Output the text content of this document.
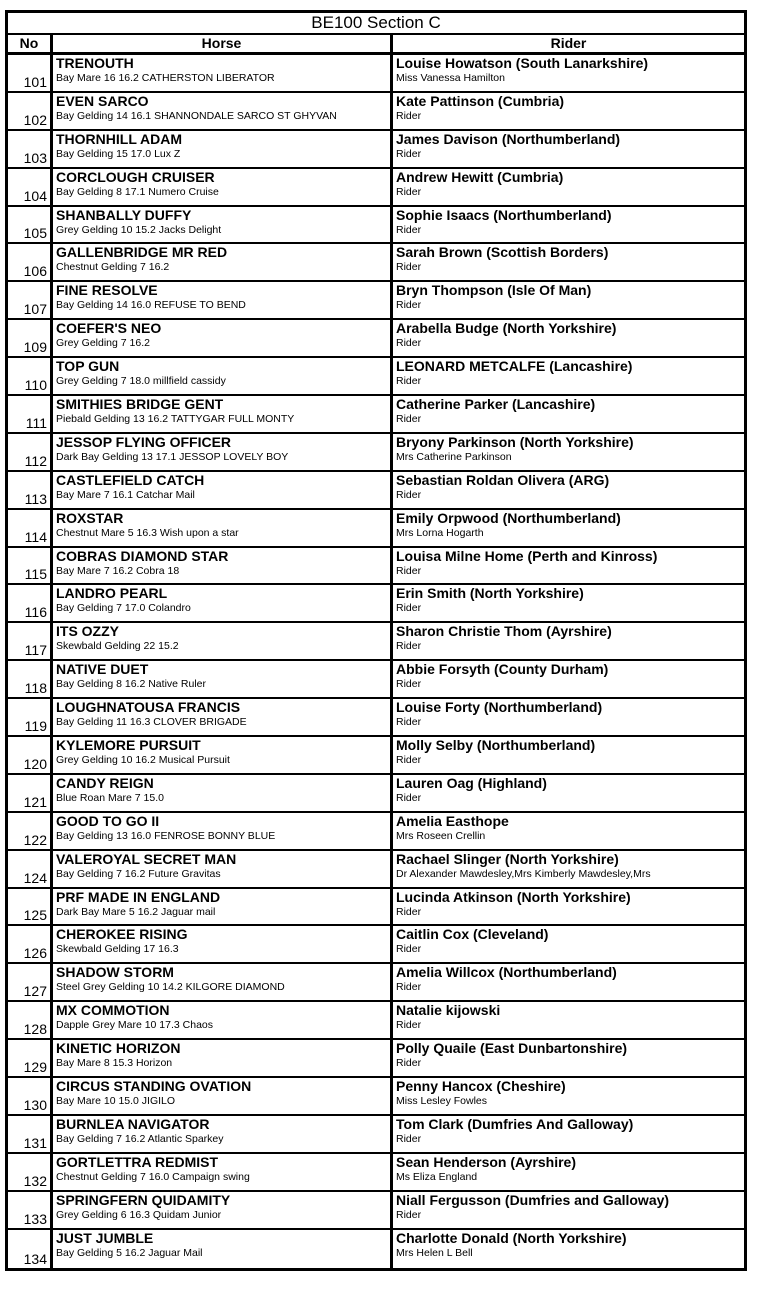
BE100 Section C
No	Horse	Rider
101
TRENOUTH
Bay Mare 16 16.2 CATHERSTON LIBERATOR
Louise Howatson (South Lanarkshire)
Miss Vanessa Hamilton
102
EVEN SARCO
Bay Gelding 14 16.1 SHANNONDALE SARCO ST GHYVAN
Kate Pattinson (Cumbria)
Rider
103
THORNHILL ADAM
Bay Gelding 15 17.0 Lux Z
James Davison (Northumberland)
Rider
104
CORCLOUGH CRUISER
Bay Gelding 8 17.1 Numero Cruise
Andrew Hewitt (Cumbria)
Rider
105
SHANBALLY DUFFY
Grey Gelding 10 15.2 Jacks Delight
Sophie Isaacs (Northumberland)
Rider
106
GALLENBRIDGE MR RED
Chestnut Gelding 7 16.2
Sarah Brown (Scottish Borders)
Rider
107
FINE RESOLVE
Bay Gelding 14 16.0 REFUSE TO BEND
Bryn Thompson (Isle Of Man)
Rider
109
COEFER'S NEO
Grey Gelding 7 16.2
Arabella Budge (North Yorkshire)
Rider
110
TOP GUN
Grey Gelding 7 18.0 millfield cassidy
LEONARD METCALFE (Lancashire)
Rider
111
SMITHIES BRIDGE GENT
Piebald Gelding 13 16.2 TATTYGAR FULL MONTY
Catherine Parker (Lancashire)
Rider
112
JESSOP FLYING OFFICER
Dark Bay Gelding 13 17.1 JESSOP LOVELY BOY
Bryony Parkinson (North Yorkshire)
Mrs Catherine Parkinson
113
CASTLEFIELD CATCH
Bay Mare 7 16.1 Catchar Mail
Sebastian Roldan Olivera (ARG)
Rider
114
ROXSTAR
Chestnut Mare 5 16.3 Wish upon a star
Emily Orpwood (Northumberland)
Mrs Lorna Hogarth
115
COBRAS DIAMOND STAR
Bay Mare 7 16.2 Cobra 18
Louisa Milne Home (Perth and Kinross)
Rider
116
LANDRO PEARL
Bay Gelding 7 17.0 Colandro
Erin Smith (North Yorkshire)
Rider
117
ITS OZZY
Skewbald Gelding 22 15.2
Sharon Christie Thom (Ayrshire)
Rider
118
NATIVE DUET
Bay Gelding 8 16.2 Native Ruler
Abbie Forsyth (County Durham)
Rider
119
LOUGHNATOUSA FRANCIS
Bay Gelding 11 16.3 CLOVER BRIGADE
Louise Forty (Northumberland)
Rider
120
KYLEMORE PURSUIT
Grey Gelding 10 16.2 Musical Pursuit
Molly Selby (Northumberland)
Rider
121
CANDY REIGN
Blue Roan Mare 7 15.0
Lauren Oag (Highland)
Rider
122
GOOD TO GO II
Bay Gelding 13 16.0 FENROSE BONNY BLUE
Amelia Easthope
Mrs Roseen Crellin
124
VALEROYAL SECRET MAN
Bay Gelding 7 16.2 Future Gravitas
Rachael Slinger (North Yorkshire)
Dr Alexander Mawdesley,Mrs Kimberly Mawdesley,Mrs
125
PRF MADE IN ENGLAND
Dark Bay Mare 5 16.2 Jaguar mail
Lucinda Atkinson (North Yorkshire)
Rider
126
CHEROKEE RISING
Skewbald Gelding 17 16.3
Caitlin Cox (Cleveland)
Rider
127
SHADOW STORM
Steel Grey Gelding 10 14.2 KILGORE DIAMOND
Amelia Willcox (Northumberland)
Rider
128
MX COMMOTION
Dapple Grey Mare 10 17.3 Chaos
Natalie kijowski
Rider
129
KINETIC HORIZON
Bay Mare 8 15.3 Horizon
Polly Quaile (East Dunbartonshire)
Rider
130
CIRCUS STANDING OVATION
Bay Mare 10 15.0 JIGILO
Penny Hancox (Cheshire)
Miss Lesley Fowles
131
BURNLEA NAVIGATOR
Bay Gelding 7 16.2 Atlantic Sparkey
Tom Clark (Dumfries And Galloway)
Rider
132
GORTLETTRA REDMIST
Chestnut Gelding 7 16.0 Campaign swing
Sean Henderson (Ayrshire)
Ms Eliza England
133
SPRINGFERN QUIDAMITY
Grey Gelding 6 16.3 Quidam Junior
Niall Fergusson (Dumfries and Galloway)
Rider
134
JUST JUMBLE
Bay Gelding 5 16.2 Jaguar Mail
Charlotte Donald (North Yorkshire)
Mrs Helen L Bell
